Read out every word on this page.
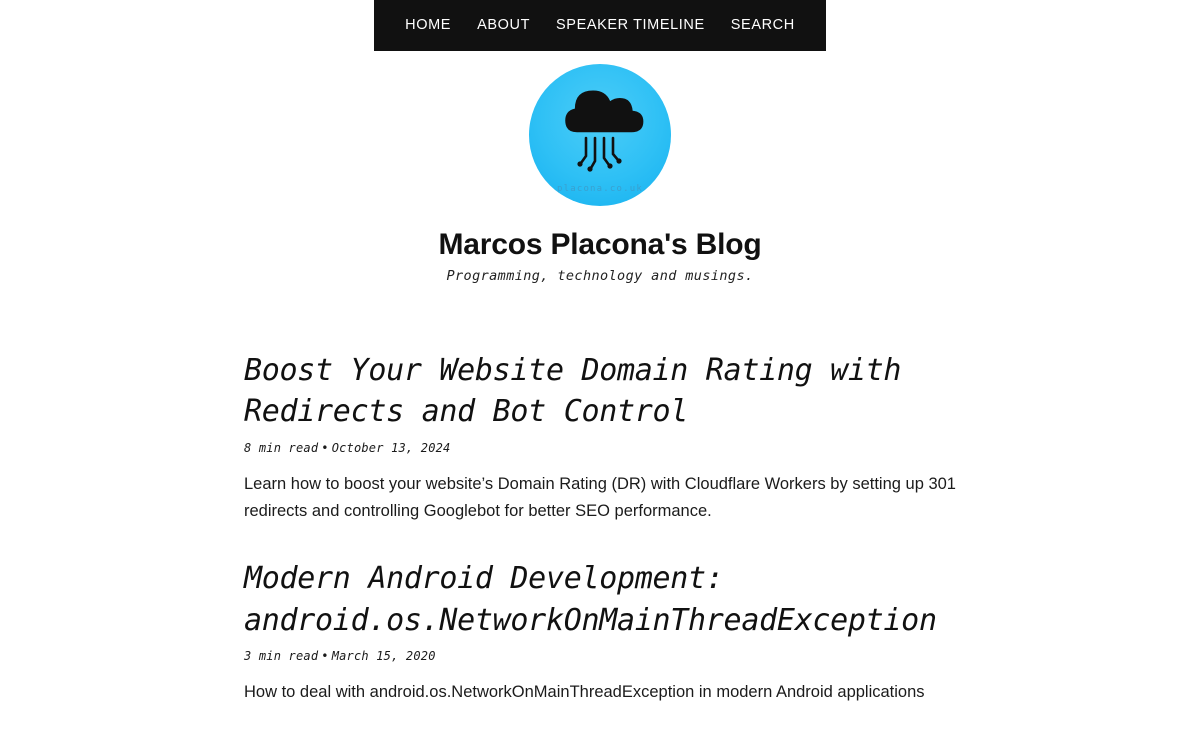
HOME	ABOUT	SPEAKER TIMELINE	SEARCH
placona.co.uk
Marcos Placona's Blog

Programming, technology and musings.

Boost Your Website Domain Rating with Redirects and Bot Control
8 min read • October 13, 2024

Learn how to boost your website’s Domain Rating (DR) with Cloudflare Workers by setting up 301 redirects and controlling Googlebot for better SEO performance.

Modern Android Development: android.os.NetworkOnMainThreadException
3 min read • March 15, 2020

How to deal with android.os.NetworkOnMainThreadException in modern Android applications
